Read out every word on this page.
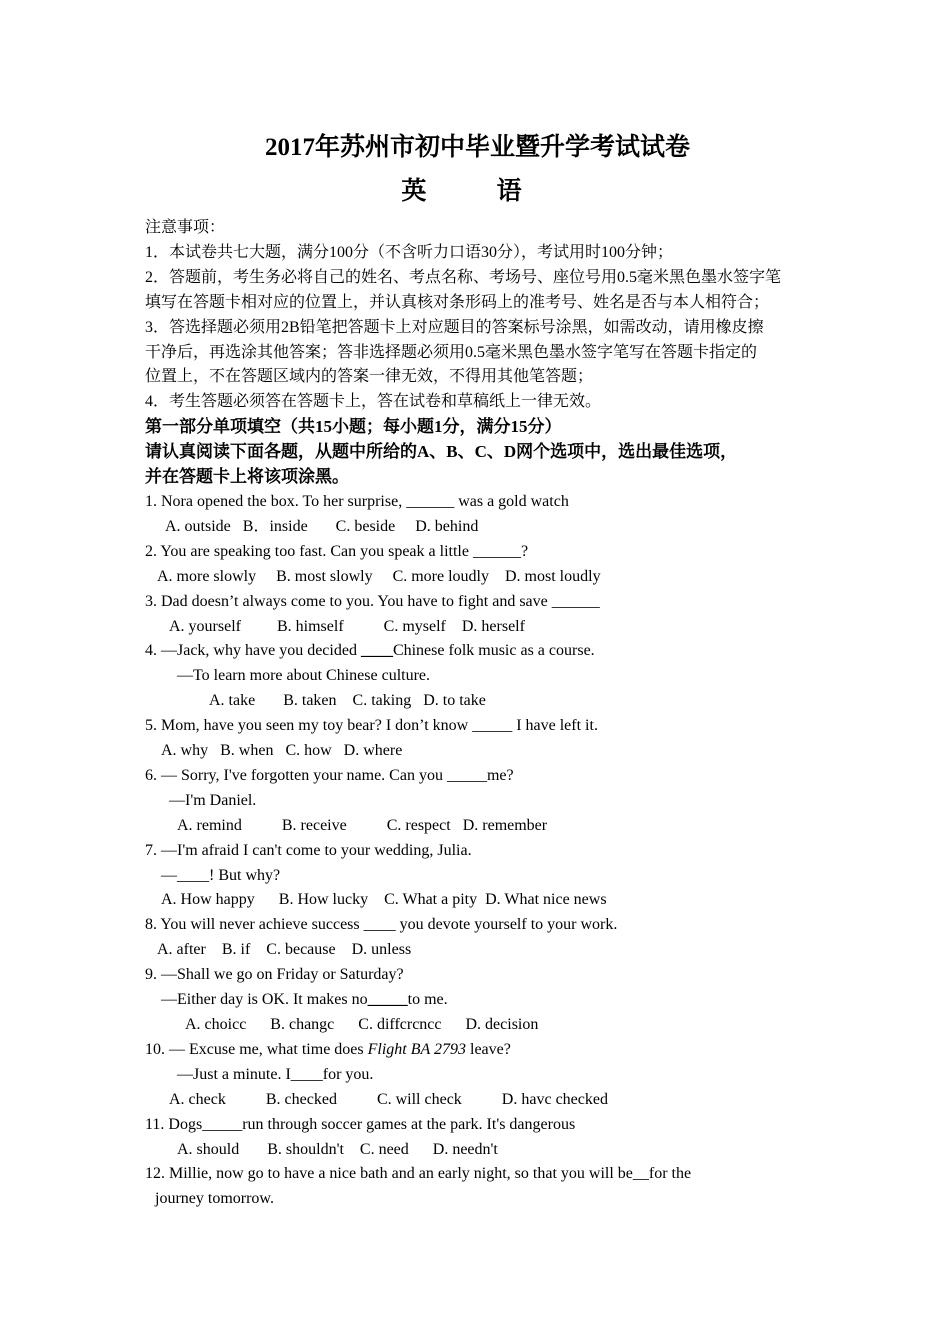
2017年苏州市初中毕业暨升学考试试卷
英 语
注意事项：
1．本试卷共七大题，满分100分（不含听力口语30分），考试用时100分钟；
2．答题前，考生务必将自己的姓名、考点名称、考场号、座位号用0.5毫米黑色墨水签字笔
填写在答题卡相对应的位置上，并认真核对条形码上的准考号、姓名是否与本人相符合；
3．答选择题必须用2B铅笔把答题卡上对应题目的答案标号涂黑，如需改动，请用橡皮擦
干净后，再选涂其他答案；答非选择题必须用0.5毫米黑色墨水签字笔写在答题卡指定的
位置上，不在答题区域内的答案一律无效，不得用其他笔答题；
4．考生答题必须答在答题卡上，答在试卷和草稿纸上一律无效。
第一部分单项填空（共15小题；每小题1分，满分15分）
请认真阅读下面各题，从题中所给的A、B、C、D网个选项中，选出最佳选项，
并在答题卡上将该项涂黑。
1. Nora opened the box. To her surprise, ______ was a gold watch
A. outside   B．inside       C. beside     D. behind
2. You are speaking too fast. Can you speak a little ______?
A. more slowly     B. most slowly     C. more loudly    D. most loudly
3. Dad doesn’t always come to you. You have to fight and save ______
A. yourself         B. himself          C. myself    D. herself
4. —Jack, why have you decided ____Chinese folk music as a course.
—To learn more about Chinese culture.
A. take       B. taken    C. taking   D. to take
5. Mom, have you seen my toy bear? I don’t know _____ I have left it.
A. why   B. when   C. how   D. where
6. — Sorry, I've forgotten your name. Can you _____me?
—I'm Daniel.
A. remind          B. receive          C. respect   D. remember
7. —I'm afraid I can't come to your wedding, Julia.
—____! But why?
A. How happy      B. How lucky    C. What a pity  D. What nice news
8. You will never achieve success ____ you devote yourself to your work.
A. after    B. if    C. because    D. unless
9. —Shall we go on Friday or Saturday?
—Either day is OK. It makes no_____to me.
A. choicc      B. changc      C. diffcrcncc      D. decision
10. — Excuse me, what time does Flight BA 2793 leave?
—Just a minute. I____for you.
A. check          B. checked          C. will check          D. havc checked
11. Dogs_____run through soccer games at the park. It's dangerous
A. should       B. shouldn't    C. need      D. needn't
12. Millie, now go to have a nice bath and an early night, so that you will be__for the
journey tomorrow.
